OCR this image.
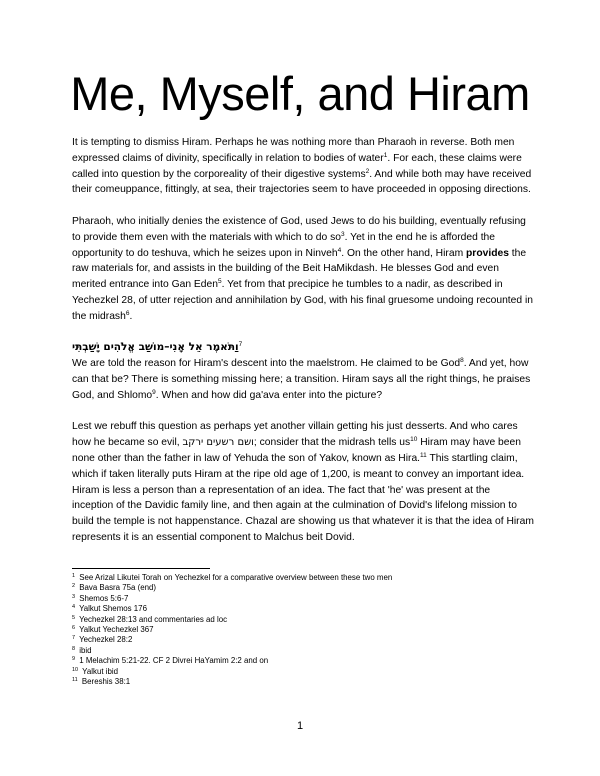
Me, Myself, and Hiram

It is tempting to dismiss Hiram. Perhaps he was nothing more than Pharaoh in reverse. Both men expressed claims of divinity, specifically in relation to bodies of water$^1$. For each, these claims were called into question by the corporeality of their digestive systems$^2$. And while both may have received their comeuppance, fittingly, at sea, their trajectories seem to have proceeded in opposing directions.

Pharaoh, who initially denies the existence of God, used Jews to do his building, eventually refusing to provide them even with the materials with which to do $so^3$. Yet in the end he is afforded the opportunity to do teshuva, which he seizes upon in Ninveh$^4$. On the other hand, Hiram provides the raw materials for, and assists in the building of the Beit HaMikdash. He blesses God and even merited entrance into Gan Eden$^5$. Yet from that precipice he tumbles to a nadir, as described in Yechezkel 28, of utter rejection and annihilation by God, with his final gruesome undoing recounted in the midrash$^6$.

וַתֹּאמֶר אֵל אָנִי–מוֹשַׁב אֱלֹהִים יָשַׁבְתִּי$^7$

We are told the reason for Hiram's descent into the maelstrom. He claimed to be God$^8$. And yet, how can that be? There is something missing here; a transition. Hiram says all the right things, he praises God, and Shlomo$^9$. When and how did ga'ava enter into the picture?

Lest we rebuff this question as perhaps yet another villain getting his just desserts. And who cares how he became so evil, ושם רשעים ירקב; consider that the midrash tells $us^{10}$ Hiram may have been none other than the father in law of Yehuda the son of Yakov, known as Hira.$^{11}$ This startling claim, which if taken literally puts Hiram at the ripe old age of 1,200, is meant to convey an important idea. Hiram is less a person than a representation of an idea. The fact that 'he' was present at the inception of the Davidic family line, and then again at the culmination of Dovid's lifelong mission to build the temple is not happenstance. Chazal are showing us that whatever it is that the idea of Hiram represents it is an essential component to Malchus beit Dovid.

$^1$ See Arizal Likutei Torah on Yechezkel for a comparative overview between these two men
$^2$ Bava Basra 75a (end)
$^3$ Shemos 5:6-7
$^4$ Yalkut Shemos 176
$^5$ Yechezkel 28:13 and commentaries ad loc
$^6$ Yalkut Yechezkel 367
$^7$ Yechezkel 28:2
$^8$ ibid
$^9$ 1 Melachim 5:21-22. CF 2 Divrei HaYamim 2:2 and on
$^{10}$ Yalkut ibid
$^{11}$ Bereshis 38:1
1
